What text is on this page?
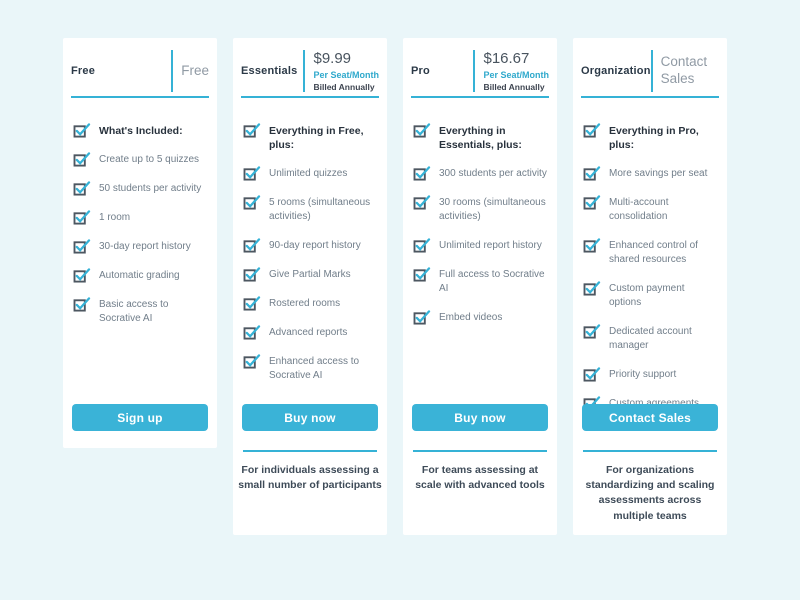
Free	Free
What's Included:
Create up to 5 quizzes
50 students per activity
1 room
30-day report history
Automatic grading
Basic access to Socrative AI
Sign up
Essentials
$9.99
Per Seat/Month
Billed Annually
Everything in Free, plus:
Unlimited quizzes
5 rooms (simultaneous activities)
90-day report history
Give Partial Marks
Rostered rooms
Advanced reports
Enhanced access to Socrative AI
Buy now
For individuals assessing a small number of participants
Pro
$16.67
Per Seat/Month
Billed Annually
Everything in Essentials, plus:
300 students per activity
30 rooms (simultaneous activities)
Unlimited report history
Full access to Socrative AI
Embed videos
Buy now
For teams assessing at scale with advanced tools
Organization
Contact Sales
Everything in Pro, plus:
More savings per seat
Multi-account consolidation
Enhanced control of shared resources
Custom payment options
Dedicated account manager
Priority support
Contact Sales
For organizations standardizing and scaling assessments across multiple teams
